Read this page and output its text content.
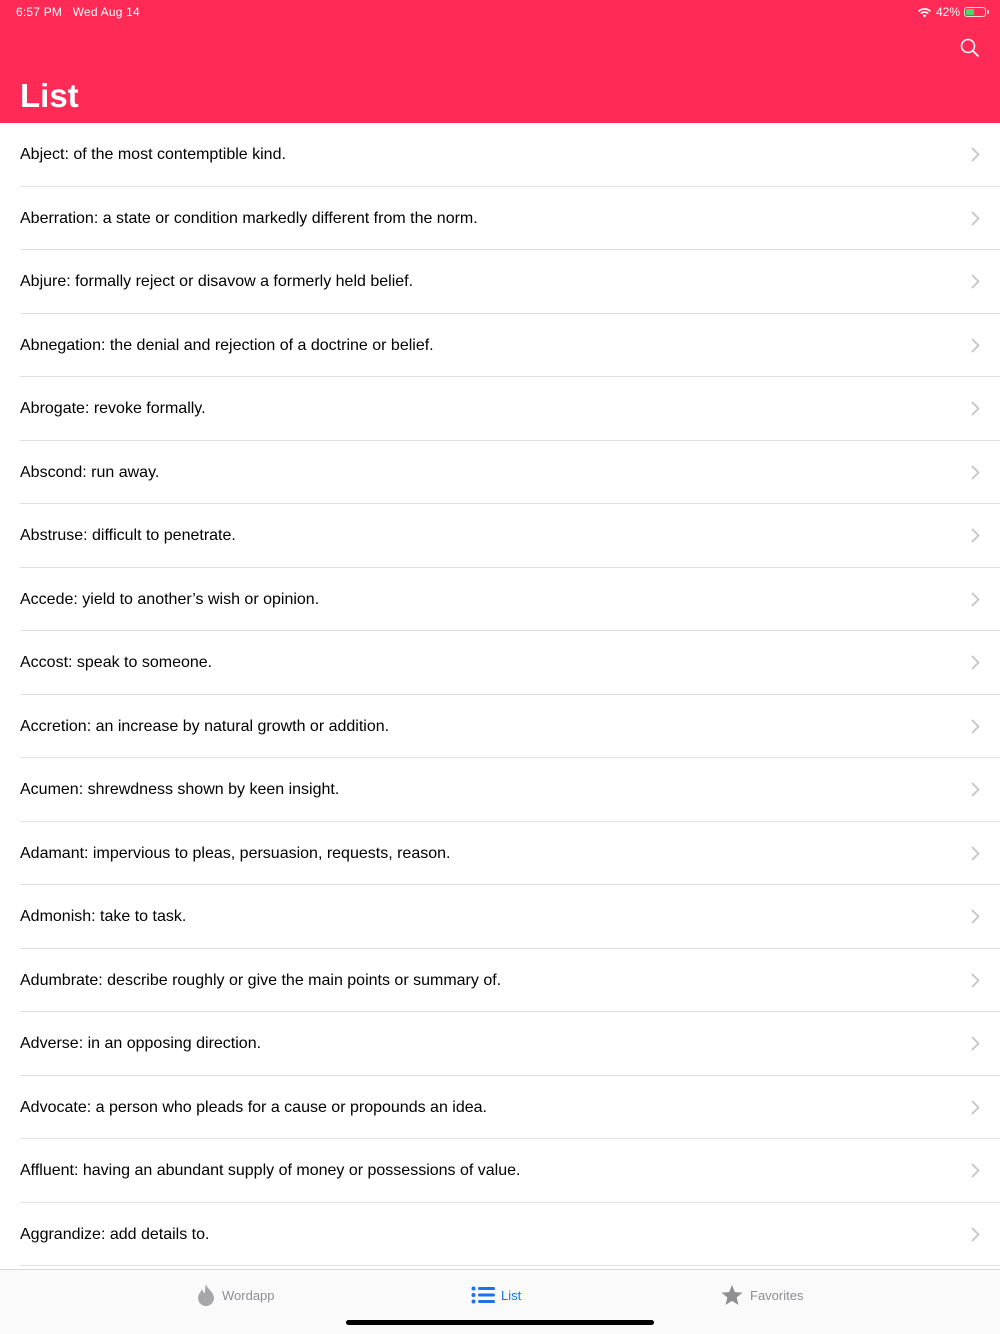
6:57 PM Wed Aug 14	42%
List
Abject: of the most contemptible kind.
Aberration: a state or condition markedly different from the norm.
Abjure: formally reject or disavow a formerly held belief.
Abnegation: the denial and rejection of a doctrine or belief.
Abrogate: revoke formally.
Abscond: run away.
Abstruse: difficult to penetrate.
Accede: yield to another’s wish or opinion.
Accost: speak to someone.
Accretion: an increase by natural growth or addition.
Acumen: shrewdness shown by keen insight.
Adamant: impervious to pleas, persuasion, requests, reason.
Admonish: take to task.
Adumbrate: describe roughly or give the main points or summary of.
Adverse: in an opposing direction.
Advocate: a person who pleads for a cause or propounds an idea.
Affluent: having an abundant supply of money or possessions of value.
Aggrandize: add details to.
Wordapp	List	Favorites
